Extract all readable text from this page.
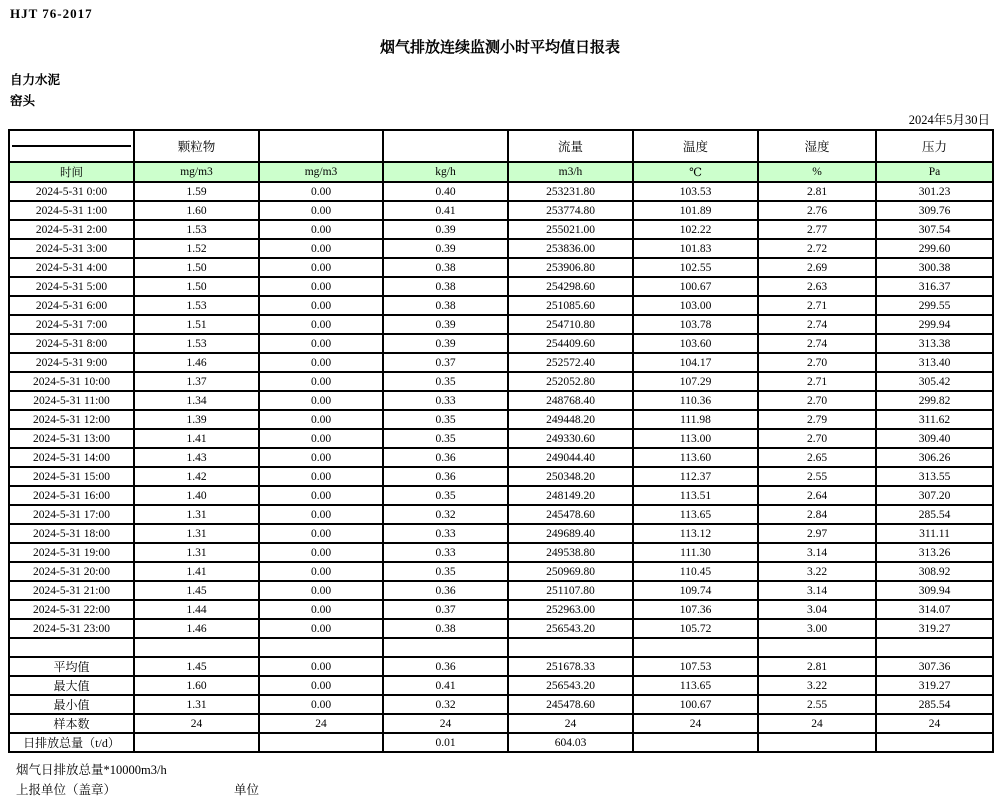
HJT 76-2017
烟气排放连续监测小时平均值日报表
自力水泥
窑头
2024年5月30日
	颗粒物			流量	温度	湿度	压力
时间	mg/m3	mg/m3	kg/h	m3/h	℃	%	Pa
2024-5-31 0:00	1.59	0.00	0.40	253231.80	103.53	2.81	301.23
2024-5-31 1:00	1.60	0.00	0.41	253774.80	101.89	2.76	309.76
2024-5-31 2:00	1.53	0.00	0.39	255021.00	102.22	2.77	307.54
2024-5-31 3:00	1.52	0.00	0.39	253836.00	101.83	2.72	299.60
2024-5-31 4:00	1.50	0.00	0.38	253906.80	102.55	2.69	300.38
2024-5-31 5:00	1.50	0.00	0.38	254298.60	100.67	2.63	316.37
2024-5-31 6:00	1.53	0.00	0.38	251085.60	103.00	2.71	299.55
2024-5-31 7:00	1.51	0.00	0.39	254710.80	103.78	2.74	299.94
2024-5-31 8:00	1.53	0.00	0.39	254409.60	103.60	2.74	313.38
2024-5-31 9:00	1.46	0.00	0.37	252572.40	104.17	2.70	313.40
2024-5-31 10:00	1.37	0.00	0.35	252052.80	107.29	2.71	305.42
2024-5-31 11:00	1.34	0.00	0.33	248768.40	110.36	2.70	299.82
2024-5-31 12:00	1.39	0.00	0.35	249448.20	111.98	2.79	311.62
2024-5-31 13:00	1.41	0.00	0.35	249330.60	113.00	2.70	309.40
2024-5-31 14:00	1.43	0.00	0.36	249044.40	113.60	2.65	306.26
2024-5-31 15:00	1.42	0.00	0.36	250348.20	112.37	2.55	313.55
2024-5-31 16:00	1.40	0.00	0.35	248149.20	113.51	2.64	307.20
2024-5-31 17:00	1.31	0.00	0.32	245478.60	113.65	2.84	285.54
2024-5-31 18:00	1.31	0.00	0.33	249689.40	113.12	2.97	311.11
2024-5-31 19:00	1.31	0.00	0.33	249538.80	111.30	3.14	313.26
2024-5-31 20:00	1.41	0.00	0.35	250969.80	110.45	3.22	308.92
2024-5-31 21:00	1.45	0.00	0.36	251107.80	109.74	3.14	309.94
2024-5-31 22:00	1.44	0.00	0.37	252963.00	107.36	3.04	314.07
2024-5-31 23:00	1.46	0.00	0.38	256543.20	105.72	3.00	319.27

平均值	1.45	0.00	0.36	251678.33	107.53	2.81	307.36
最大值	1.60	0.00	0.41	256543.20	113.65	3.22	319.27
最小值	1.31	0.00	0.32	245478.60	100.67	2.55	285.54
样本数	24	24	24	24	24	24	24
日排放总量（t/d）			0.01	604.03			
烟气日排放总量*10000m3/h
上报单位（盖章）	单位
